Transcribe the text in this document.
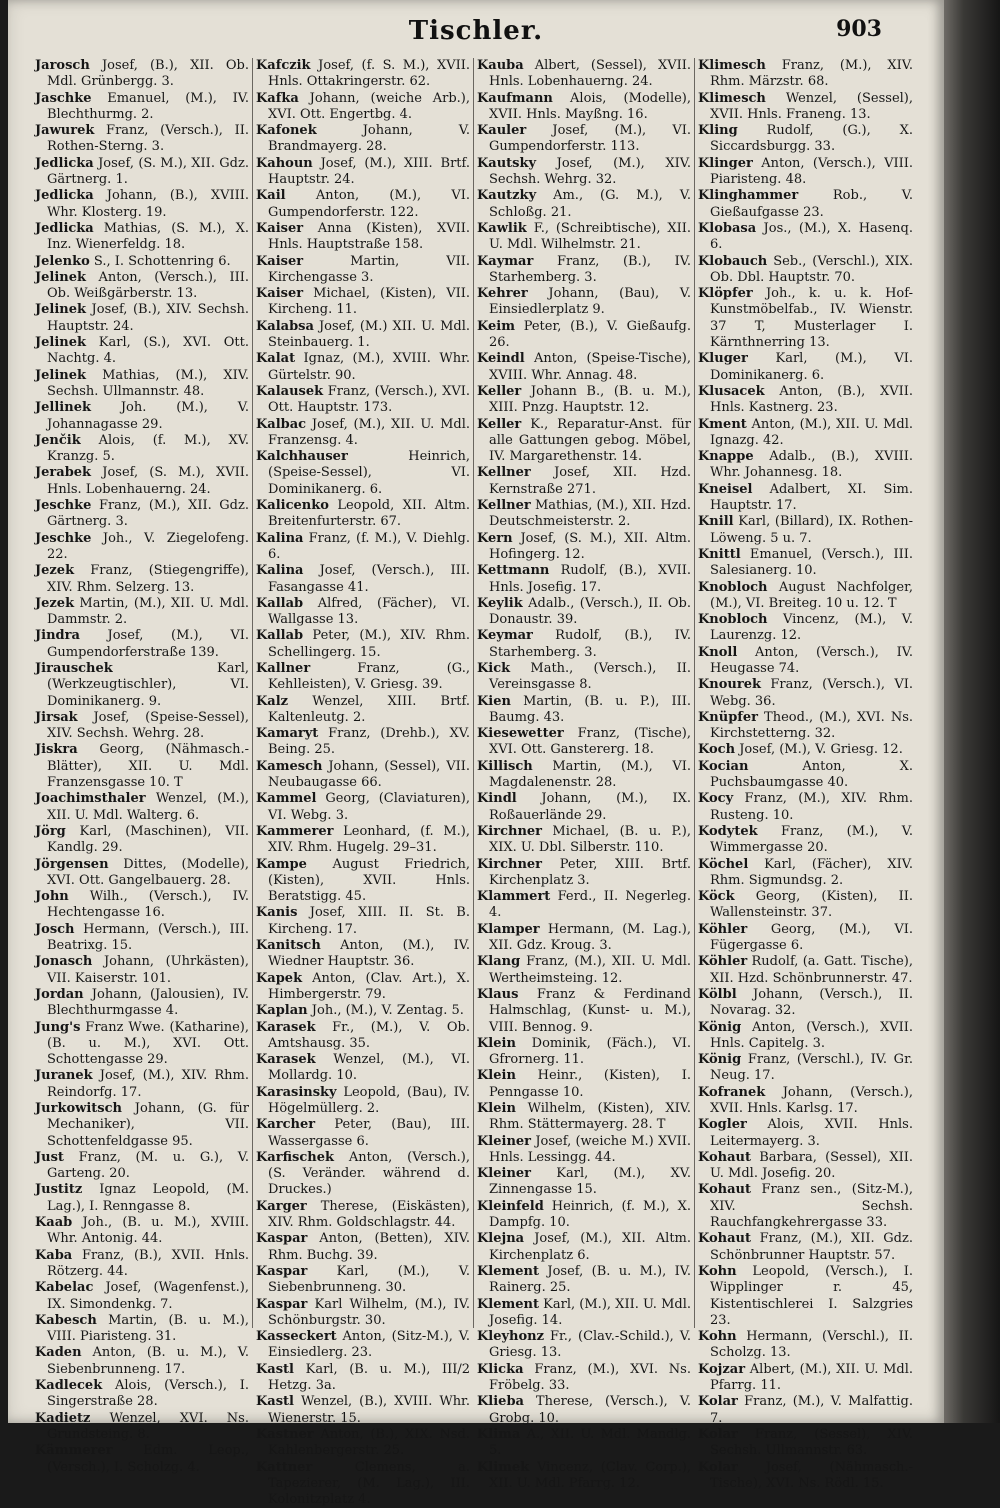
Tischler.	903

Jarosch Josef, (B.), XII. Ob. Mdl. Grünbergg. 3.

Jaschke Emanuel, (M.), IV. Blechthurmg. 2.

Jawurek Franz, (Versch.), II. Rothen-Sterng. 3.

Jedlicka Josef, (S. M.), XII. Gdz. Gärtnerg. 1.

Jedlicka Johann, (B.), XVIII. Whr. Klosterg. 19.

Jedlicka Mathias, (S. M.), X. Inz. Wienerfeldg. 18.

Jelenko S., I. Schottenring 6.

Jelinek Anton, (Versch.), III. Ob. Weißgärberstr. 13.

Jelinek Josef, (B.), XIV. Sechsh. Hauptstr. 24.

Jelinek Karl, (S.), XVI. Ott. Nachtg. 4.

Jelinek Mathias, (M.), XIV. Sechsh. Ullmannstr. 48.

Jellinek Joh. (M.), V. Johannagasse 29.

Jenčik Alois, (f. M.), XV. Kranzg. 5.

Jerabek Josef, (S. M.), XVII. Hnls. Lobenhauerng. 24.

Jeschke Franz, (M.), XII. Gdz. Gärtnerg. 3.

Jeschke Joh., V. Ziegelofeng. 22.

Jezek Franz, (Stiegengriffe), XIV. Rhm. Selzerg. 13.

Jezek Martin, (M.), XII. U. Mdl. Dammstr. 2.

Jindra Josef, (M.), VI. Gumpendorferstraße 139.

Jirauschek	Karl, (Werkzeugtischler), VI. Dominikanerg. 9.

Jirsak Josef, (Speise-Sessel), XIV. Sechsh. Wehrg. 28.

Jiskra Georg, (Nähmasch.-Blätter), XII. U. Mdl. Franzensgasse 10. T

Joachimsthaler Wenzel, (M.), XII. U. Mdl. Walterg. 6.

Jörg Karl, (Maschinen), VII. Kandlg. 29.

Jörgensen Dittes, (Modelle), XVI. Ott. Gangelbauerg. 28.

John Wilh., (Versch.), IV. Hechtengasse 16.

Josch Hermann, (Versch.), III. Beatrixg. 15.

Jonasch Johann, (Uhrkästen), VII. Kaiserstr. 101.

Jordan Johann, (Jalousien), IV. Blechthurmgasse 4.

Jung's Franz Wwe. (Katharine), (B. u. M.), XVI. Ott. Schottengasse 29.

Juranek Josef, (M.), XIV. Rhm. Reindorfg. 17.

Jurkowitsch Johann, (G. für Mechaniker), VII. Schottenfeldgasse 95.

Just Franz, (M. u. G.), V. Garteng. 20.

Justitz Ignaz Leopold, (M. Lag.), I. Renngasse 8.

Kaab Joh., (B. u. M.), XVIII. Whr. Antonig. 44.

Kaba Franz, (B.), XVII. Hnls. Rötzerg. 44.

Kabelac Josef, (Wagenfenst.), IX. Simondenkg. 7.

Kabesch Martin, (B. u. M.), VIII. Piaristeng. 31.

Kaden Anton, (B. u. M.), V. Siebenbrunneng. 17.

Kadlecek Alois, (Versch.), I. Singerstraße 28.

Kadietz Wenzel, XVI. Ns. Grundsteing. 8.

Kämmerer Edm. Leop., (Versch.), I. Scholzg. 4.

Kafczik Josef, (f. S. M.), XVII. Hnls. Ottakringerstr. 62.

Kafka Johann, (weiche Arb.), XVI. Ott. Engertbg. 4.

Kafonek	Johann, V. Brandmayerg. 28.

Kahoun Josef, (M.), XIII. Brtf. Hauptstr. 24.

Kail Anton, (M.), VI. Gumpendorferstr. 122.

Kaiser Anna (Kisten), XVII. Hnls. Hauptstraße 158.

Kaiser	Martin, VII. Kirchengasse 3.

Kaiser Michael, (Kisten), VII. Kircheng. 11.

Kalabsa Josef, (M.) XII. U. Mdl. Steinbauerg. 1.

Kalat Ignaz, (M.), XVIII. Whr. Gürtelstr. 90.

Kalausek Franz, (Versch.), XVI. Ott. Hauptstr. 173.

Kalbac Josef, (M.), XII. U. Mdl. Franzensg. 4.

Kalchhauser	Heinrich, (Speise-Sessel), VI. Dominikanerg. 6.

Kalicenko Leopold, XII. Altm. Breitenfurterstr. 67.

Kalina Franz, (f. M.), V. Diehlg. 6.

Kalina Josef, (Versch.), III. Fasangasse 41.

Kallab Alfred, (Fächer), VI. Wallgasse 13.

Kallab Peter, (M.), XIV. Rhm. Schellingerg. 15.

Kallner	Franz, (G., Kehlleisten), V. Griesg. 39.

Kalz Wenzel, XIII. Brtf. Kaltenleutg. 2.

Kamaryt Franz, (Drehb.), XV. Being. 25.

Kamesch Johann, (Sessel), VII. Neubaugasse 66.

Kammel Georg, (Claviaturen), VI. Webg. 3.

Kammerer Leonhard, (f. M.), XIV. Rhm. Hugelg. 29–31.

Kampe August Friedrich, (Kisten), XVII. Hnls. Beratstigg. 45.

Kanis Josef, XIII. II. St. B. Kircheng. 17.

Kanitsch Anton, (M.), IV. Wiedner Hauptstr. 36.

Kapek Anton, (Clav. Art.), X. Himbergerstr. 79.

Kaplan Joh., (M.), V. Zentag. 5.

Karasek Fr., (M.), V. Ob. Amtshausg. 35.

Karasek Wenzel, (M.), VI. Mollardg. 10.

Karasinsky Leopold, (Bau), IV. Högelmüllerg. 2.

Karcher Peter, (Bau), III. Wassergasse 6.

Karfischek Anton, (Versch.), (S. Veränder. während d. Druckes.)

Karger Therese, (Eiskästen), XIV. Rhm. Goldschlagstr. 44.

Kaspar Anton, (Betten), XIV. Rhm. Buchg. 39.

Kaspar Karl, (M.), V. Siebenbrunneng. 30.

Kaspar Karl Wilhelm, (M.), IV. Schönburgstr. 30.

Kasseckert Anton, (Sitz-M.), V. Einsiedlerg. 23.

Kastl Karl, (B. u. M.), III/2 Hetzg. 3a.

Kastl Wenzel, (B.), XVIII. Whr. Wienerstr. 15.

Kastner Anton, (B.), XIX. Nsd. Kahlenbergerstr. 25.

Kattner	Clemens, a. Tapezierer, (M. Lag.), III. Kolonitzplatz 4.

Kauba Albert, (Sessel), XVII. Hnls. Lobenhauerng. 24.

Kaufmann Alois, (Modelle), XVII. Hnls. Mayßng. 16.

Kauler Josef, (M.), VI. Gumpendorferstr. 113.

Kautsky Josef, (M.), XIV. Sechsh. Wehrg. 32.

Kautzky Am., (G. M.), V. Schloßg. 21.

Kawlik F., (Schreibtische), XII. U. Mdl. Wilhelmstr. 21.

Kaymar Franz, (B.), IV. Starhemberg. 3.

Kehrer Johann, (Bau), V. Einsiedlerplatz 9.

Keim Peter, (B.), V. Gießaufg. 26.

Keindl Anton, (Speise-Tische), XVIII. Whr. Annag. 48.

Keller Johann B., (B. u. M.), XIII. Pnzg. Hauptstr. 12.

Keller K., Reparatur-Anst. für alle Gattungen gebog. Möbel, IV. Margarethenstr. 14.

Kellner Josef, XII. Hzd. Kernstraße 271.

Kellner Mathias, (M.), XII. Hzd. Deutschmeisterstr. 2.

Kern Josef, (S. M.), XII. Altm. Hofingerg. 12.

Kettmann Rudolf, (B.), XVII. Hnls. Josefig. 17.

Keylik Adalb., (Versch.), II. Ob. Donaustr. 39.

Keymar Rudolf, (B.), IV. Starhemberg. 3.

Kick Math., (Versch.), II. Vereinsgasse 8.

Kien Martin, (B. u. P.), III. Baumg. 43.

Kiesewetter Franz, (Tische), XVI. Ott. Ganstererg. 18.

Killisch Martin, (M.), VI. Magdalenenstr. 28.

Kindl Johann, (M.), IX. Roßauerlände 29.

Kirchner Michael, (B. u. P.), XIX. U. Dbl. Silberstr. 110.

Kirchner Peter, XIII. Brtf. Kirchenplatz 3.

Klammert Ferd., II. Negerleg. 4.

Klamper Hermann, (M. Lag.), XII. Gdz. Kroug. 3.

Klang Franz, (M.), XII. U. Mdl. Wertheimsteing. 12.

Klaus Franz & Ferdinand Halmschlag, (Kunst- u. M.), VIII. Bennog. 9.

Klein Dominik, (Fäch.), VI. Gfrornerg. 11.

Klein Heinr., (Kisten), I. Penngasse 10.

Klein Wilhelm, (Kisten), XIV. Rhm. Stättermayerg. 28. T

Kleiner Josef, (weiche M.) XVII. Hnls. Lessingg. 44.

Kleiner Karl, (M.), XV. Zinnengasse 15.

Kleinfeld Heinrich, (f. M.), X. Dampfg. 10.

Klejna Josef, (M.), XII. Altm. Kirchenplatz 6.

Klement Josef, (B. u. M.), IV. Rainerg. 25.

Klement Karl, (M.), XII. U. Mdl. Josefig. 14.

Kleyhonz Fr., (Clav.-Schild.), V. Griesg. 13.

Klicka Franz, (M.), XVI. Ns. Fröbelg. 33.

Klieba Therese, (Versch.), V. Grobg. 10.

Klima A., XII. U. Mdl. Mandlg. 5.

Klimek Vincenz, (Clav. Corp.), XII. U. Mdl. Pfarrg. 12.

Klimesch Franz, (M.), XIV. Rhm. Märzstr. 68.

Klimesch Wenzel, (Sessel), XVII. Hnls. Franeng. 13.

Kling Rudolf, (G.), X. Siccardsburgg. 33.

Klinger Anton, (Versch.), VIII. Piaristeng. 48.

Klinghammer	Rob., V. Gießaufgasse 23.

Klobasa Jos., (M.), X. Hasenq. 6.

Klobauch Seb., (Verschl.), XIX. Ob. Dbl. Hauptstr. 70.

Klöpfer Joh., k. u. k. Hof-Kunstmöbelfab., IV. Wienstr. 37 T, Musterlager I. Kärnthnerring 13.

Kluger Karl, (M.), VI. Dominikanerg. 6.

Klusacek Anton, (B.), XVII. Hnls. Kastnerg. 23.

Kment Anton, (M.), XII. U. Mdl. Ignazg. 42.

Knappe Adalb., (B.), XVIII. Whr. Johannesg. 18.

Kneisel Adalbert, XI. Sim. Hauptstr. 17.

Knill Karl, (Billard), IX. Rothen-Löweng. 5 u. 7.

Knittl Emanuel, (Versch.), III. Salesianerg. 10.

Knobloch August Nachfolger, (M.), VI. Breiteg. 10 u. 12. T

Knobloch Vincenz, (M.), V. Laurenzg. 12.

Knoll Anton, (Versch.), IV. Heugasse 74.

Knourek Franz, (Versch.), VI. Webg. 36.

Knüpfer Theod., (M.), XVI. Ns. Kirchstetterng. 32.

Koch Josef, (M.), V. Griesg. 12.

Kocian	Anton, X. Puchsbaumgasse 40.

Kocy Franz, (M.), XIV. Rhm. Rusteng. 10.

Kodytek Franz, (M.), V. Wimmergasse 20.

Köchel Karl, (Fächer), XIV. Rhm. Sigmundsg. 2.

Köck Georg, (Kisten), II. Wallensteinstr. 37.

Köhler Georg, (M.), VI. Fügergasse 6.

Köhler Rudolf, (a. Gatt. Tische), XII. Hzd. Schönbrunnerstr. 47.

Kölbl Johann, (Versch.), II. Novarag. 32.

König Anton, (Versch.), XVII. Hnls. Capitelg. 3.

König Franz, (Verschl.), IV. Gr. Neug. 17.

Kofranek Johann, (Versch.), XVII. Hnls. Karlsg. 17.

Kogler Alois, XVII. Hnls. Leitermayerg. 3.

Kohaut Barbara, (Sessel), XII. U. Mdl. Josefig. 20.

Kohaut Franz sen., (Sitz-M.), XIV. Sechsh. Rauchfangkehrergasse 33.

Kohaut Franz, (M.), XII. Gdz. Schönbrunner Hauptstr. 57.

Kohn Leopold, (Versch.), I. Wipplinger r. 45, Kistentischlerei I. Salzgries 23.

Kohn Hermann, (Verschl.), II. Scholzg. 13.

Kojzar Albert, (M.), XII. U. Mdl. Pfarrg. 11.

Kolar Franz, (M.), V. Malfattig. 7.

Kolar Franz, (Sessel), XIV. Sechsh. Ullmannstr. 63.

Kolar Josef, (Nähmasch.-Tische), XVI. Ns. Rödl. 15.
